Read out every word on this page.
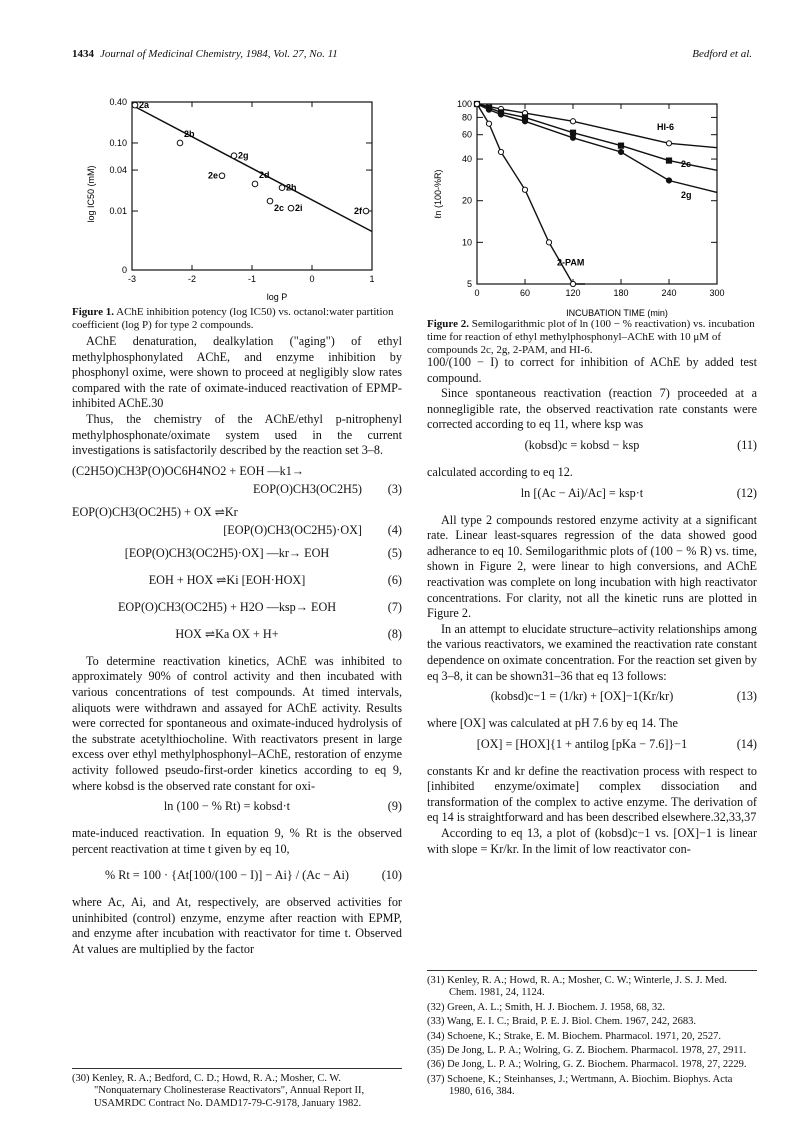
1434 Journal of Medicinal Chemistry, 1984, Vol. 27, No. 11	Bedford et al.
-3	-2	-1	0	1
0.40
0.10
0.04
0.01
0
2a
2b
2g
2e	2d
2h
2c 2i	2f
log P
log IC50 (mM)
Figure 1. AChE inhibition potency (log IC50) vs. octanol:water partition coefficient (log P) for type 2 compounds.
0	60	120	180	240	300
100
80
60
40
20
10
5
HI-6
2c
2g
2-PAM
INCUBATION TIME (min)
ℓn (100-%R)
Figure 2. Semilogarithmic plot of ln (100 − % reactivation) vs. incubation time for reaction of ethyl methylphosphonyl–AChE with 10 μM of compounds 2c, 2g, 2-PAM, and HI-6.

AChE denaturation, dealkylation ("aging") of ethyl methylphosphonylated AChE, and enzyme inhibition by phosphonyl oxime, were shown to proceed at negligibly slow rates compared with the rate of oximate-induced reactivation of EPMP-inhibited AChE.30

Thus, the chemistry of the AChE/ethyl p-nitrophenyl methylphosphonate/oximate system used in the current investigations is satisfactorily described by the reaction set 3–8.

(C2H5O)CH3P(O)OC6H4NO2 + EOH —k1→
EOP(O)CH3(OC2H5) (3)
EOP(O)CH3(OC2H5) + OX ⇌Kr
[EOP(O)CH3(OC2H5)·OX] (4)
[EOP(O)CH3(OC2H5)·OX] —kr→ EOH	(5)
EOH + HOX ⇌Ki [EOH·HOX]	(6)
EOP(O)CH3(OC2H5) + H2O —ksp→ EOH	(7)
HOX ⇌Ka OX + H+	(8)

To determine reactivation kinetics, AChE was inhibited to approximately 90% of control activity and then incubated with various concentrations of test compounds. At timed intervals, aliquots were withdrawn and assayed for AChE activity. Results were corrected for spontaneous and oximate-induced hydrolysis of the substrate acetylthiocholine. With reactivators present in large excess over ethyl methylphosphonyl–AChE, restoration of enzyme activity followed pseudo-first-order kinetics according to eq 9, where kobsd is the observed rate constant for oxi-

ln (100 − % Rt) = kobsd·t	(9)

mate-induced reactivation. In equation 9, % Rt is the observed percent reactivation at time t given by eq 10,

% Rt = 100 · {At[100/(100 − I)] − Ai} / (Ac − Ai)	(10)

where Ac, Ai, and At, respectively, are observed activities for uninhibited (control) enzyme, enzyme after reaction with EPMP, and enzyme after incubation with reactivator for time t. Observed At values are multiplied by the factor

(30) Kenley, R. A.; Bedford, C. D.; Howd, R. A.; Mosher, C. W. "Nonquaternary Cholinesterase Reactivators", Annual Report II, USAMRDC Contract No. DAMD17-79-C-9178, January 1982.

100/(100 − I) to correct for inhibition of AChE by added test compound.

Since spontaneous reactivation (reaction 7) proceeded at a nonnegligible rate, the observed reactivation rate constants were corrected according to eq 11, where ksp was

(kobsd)c = kobsd − ksp	(11)

calculated according to eq 12.

ln [(Ac − Ai)/Ac] = ksp·t	(12)

All type 2 compounds restored enzyme activity at a significant rate. Linear least-squares regression of the data showed good adherance to eq 10. Semilogarithmic plots of (100 − % R) vs. time, shown in Figure 2, were linear to high conversions, and AChE reactivation was complete on long incubation with high reactivator concentrations. For clarity, not all the kinetic runs are plotted in Figure 2.

In an attempt to elucidate structure–activity relationships among the various reactivators, we examined the reactivation rate constant dependence on oximate concentration. For the reaction set given by eq 3–8, it can be shown31–36 that eq 13 follows:

(kobsd)c−1 = (1/kr) + [OX]−1(Kr/kr)	(13)

where [OX] was calculated at pH 7.6 by eq 14. The

[OX] = [HOX]{1 + antilog [pKa − 7.6]}−1	(14)

constants Kr and kr define the reactivation process with respect to [inhibited enzyme/oximate] complex dissociation and transformation of the complex to active enzyme. The derivation of eq 14 is straightforward and has been described elsewhere.32,33,37

According to eq 13, a plot of (kobsd)c−1 vs. [OX]−1 is linear with slope = Kr/kr. In the limit of low reactivator con-

(31) Kenley, R. A.; Howd, R. A.; Mosher, C. W.; Winterle, J. S. J. Med. Chem. 1981, 24, 1124.
(32) Green, A. L.; Smith, H. J. Biochem. J. 1958, 68, 32.
(33) Wang, E. I. C.; Braid, P. E. J. Biol. Chem. 1967, 242, 2683.
(34) Schoene, K.; Strake, E. M. Biochem. Pharmacol. 1971, 20, 2527.
(35) De Jong, L. P. A.; Wolring, G. Z. Biochem. Pharmacol. 1978, 27, 2911.
(36) De Jong, L. P. A.; Wolring, G. Z. Biochem. Pharmacol. 1978, 27, 2229.
(37) Schoene, K.; Steinhanses, J.; Wertmann, A. Biochim. Biophys. Acta 1980, 616, 384.
